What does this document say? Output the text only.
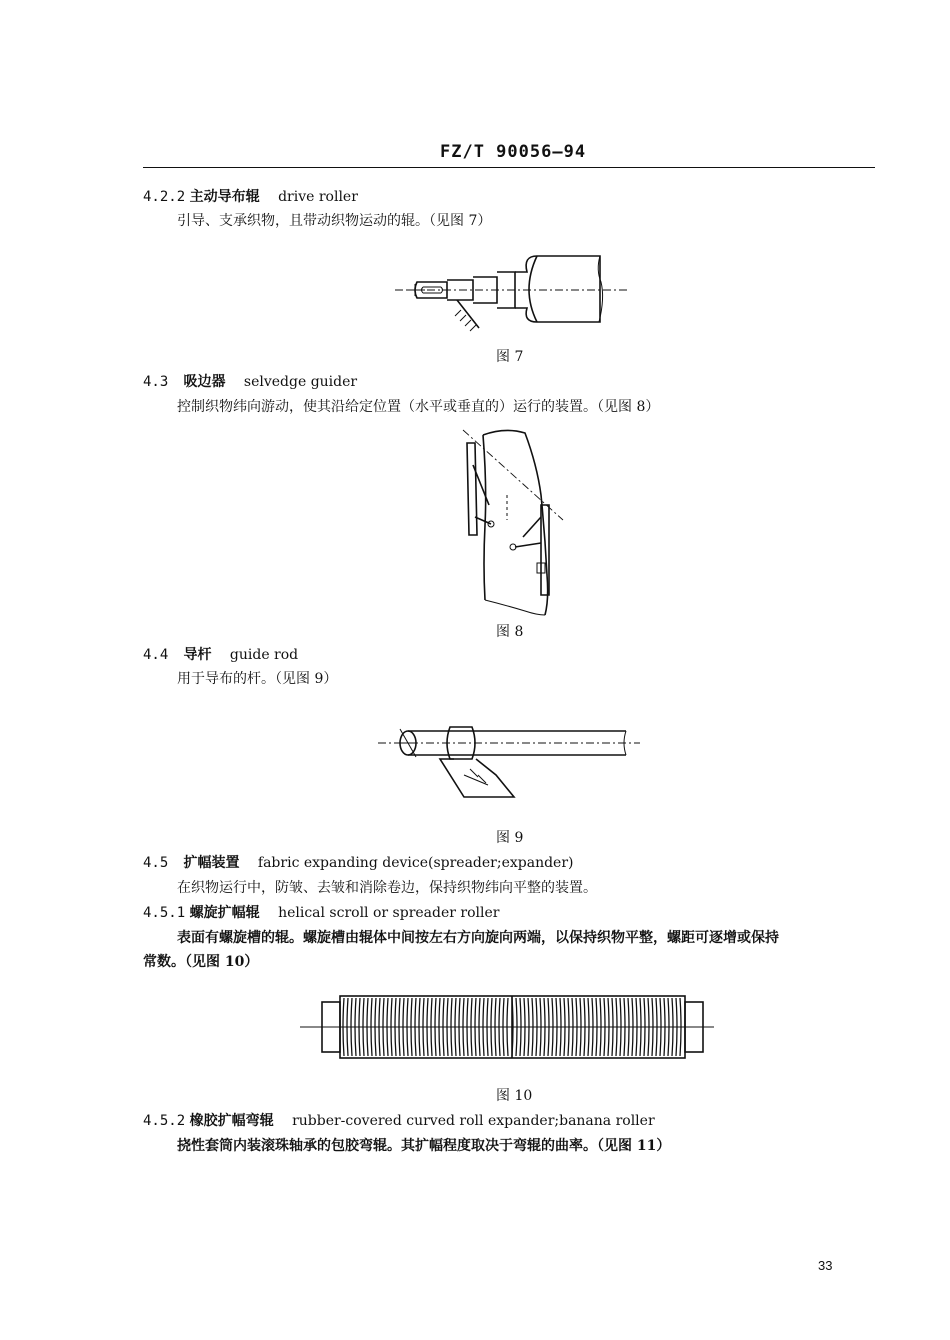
FZ/T 90056—94
4.2.2 主动导布辊 drive roller
引导、支承织物，且带动织物运动的辊。（见图 7）
图 7
4.3 吸边器 selvedge guider
控制织物纬向游动，使其沿给定位置（水平或垂直的）运行的装置。（见图 8）
图 8
4.4 导杆 guide rod
用于导布的杆。（见图 9）
图 9
4.5 扩幅装置 fabric expanding device(spreader;expander)
在织物运行中，防皱、去皱和消除卷边，保持织物纬向平整的装置。
4.5.1 螺旋扩幅辊 helical scroll or spreader roller
表面有螺旋槽的辊。螺旋槽由辊体中间按左右方向旋向两端，以保持织物平整，螺距可逐增或保持
常数。（见图 10）
图 10
4.5.2 橡胶扩幅弯辊 rubber-covered curved roll expander;banana roller
挠性套筒内装滚珠轴承的包胶弯辊。其扩幅程度取决于弯辊的曲率。（见图 11）
33
